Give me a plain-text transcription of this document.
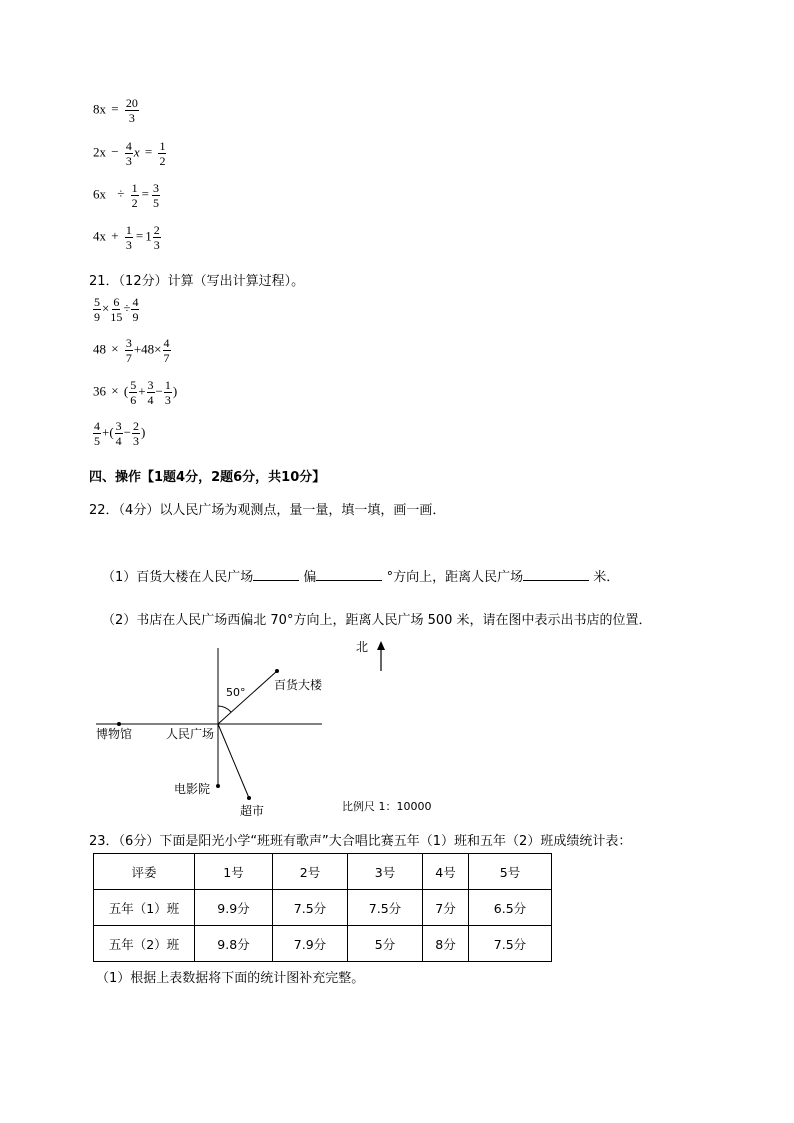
$8x = \frac{20}{3}$
$2x - \frac{4}{3}$ $x = \frac{1}{2}$
$6x \div \frac{1}{2} = \frac{3}{5}$
$4x + \frac{1}{3} = 1 \frac{2}{3}$
21．（12分）计算（写出计算过程）。
$\frac{5}{9} \times \frac{6}{15} \div \frac{4}{9}$
$48 \times \frac{3}{7} +48\times \frac{4}{7}$
36 × ( $\frac{5}{6} + \frac{3}{4} - \frac{1}{3}$ )
$\frac{4}{5}$ +( $\frac{3}{4} - \frac{2}{3}$ )
四、操作【1题4分，2题6分，共10分】
22．（4分）以人民广场为观测点，量一量，填一填，画一画．
（1）百货大楼在人民广场	偏	°方向上，距离人民广场	米．
（2）书店在人民广场西偏北 70°方向上，距离人民广场 500 米，请在图中表示出书店的位置．
北
50°
百货大楼
博物馆	人民广场
电影院
超市	比例尺 1：10000
23．（6分）下面是阳光小学“班班有歌声”大合唱比赛五年（1）班和五年（2）班成绩统计表：
评委	1号	2号	3号	4号	5号
五年（1）班	9.9分	7.5分	7.5分	7分	6.5分
五年（2）班	9.8分	7.9分	5分	8分	7.5分
（1）根据上表数据将下面的统计图补充完整。
